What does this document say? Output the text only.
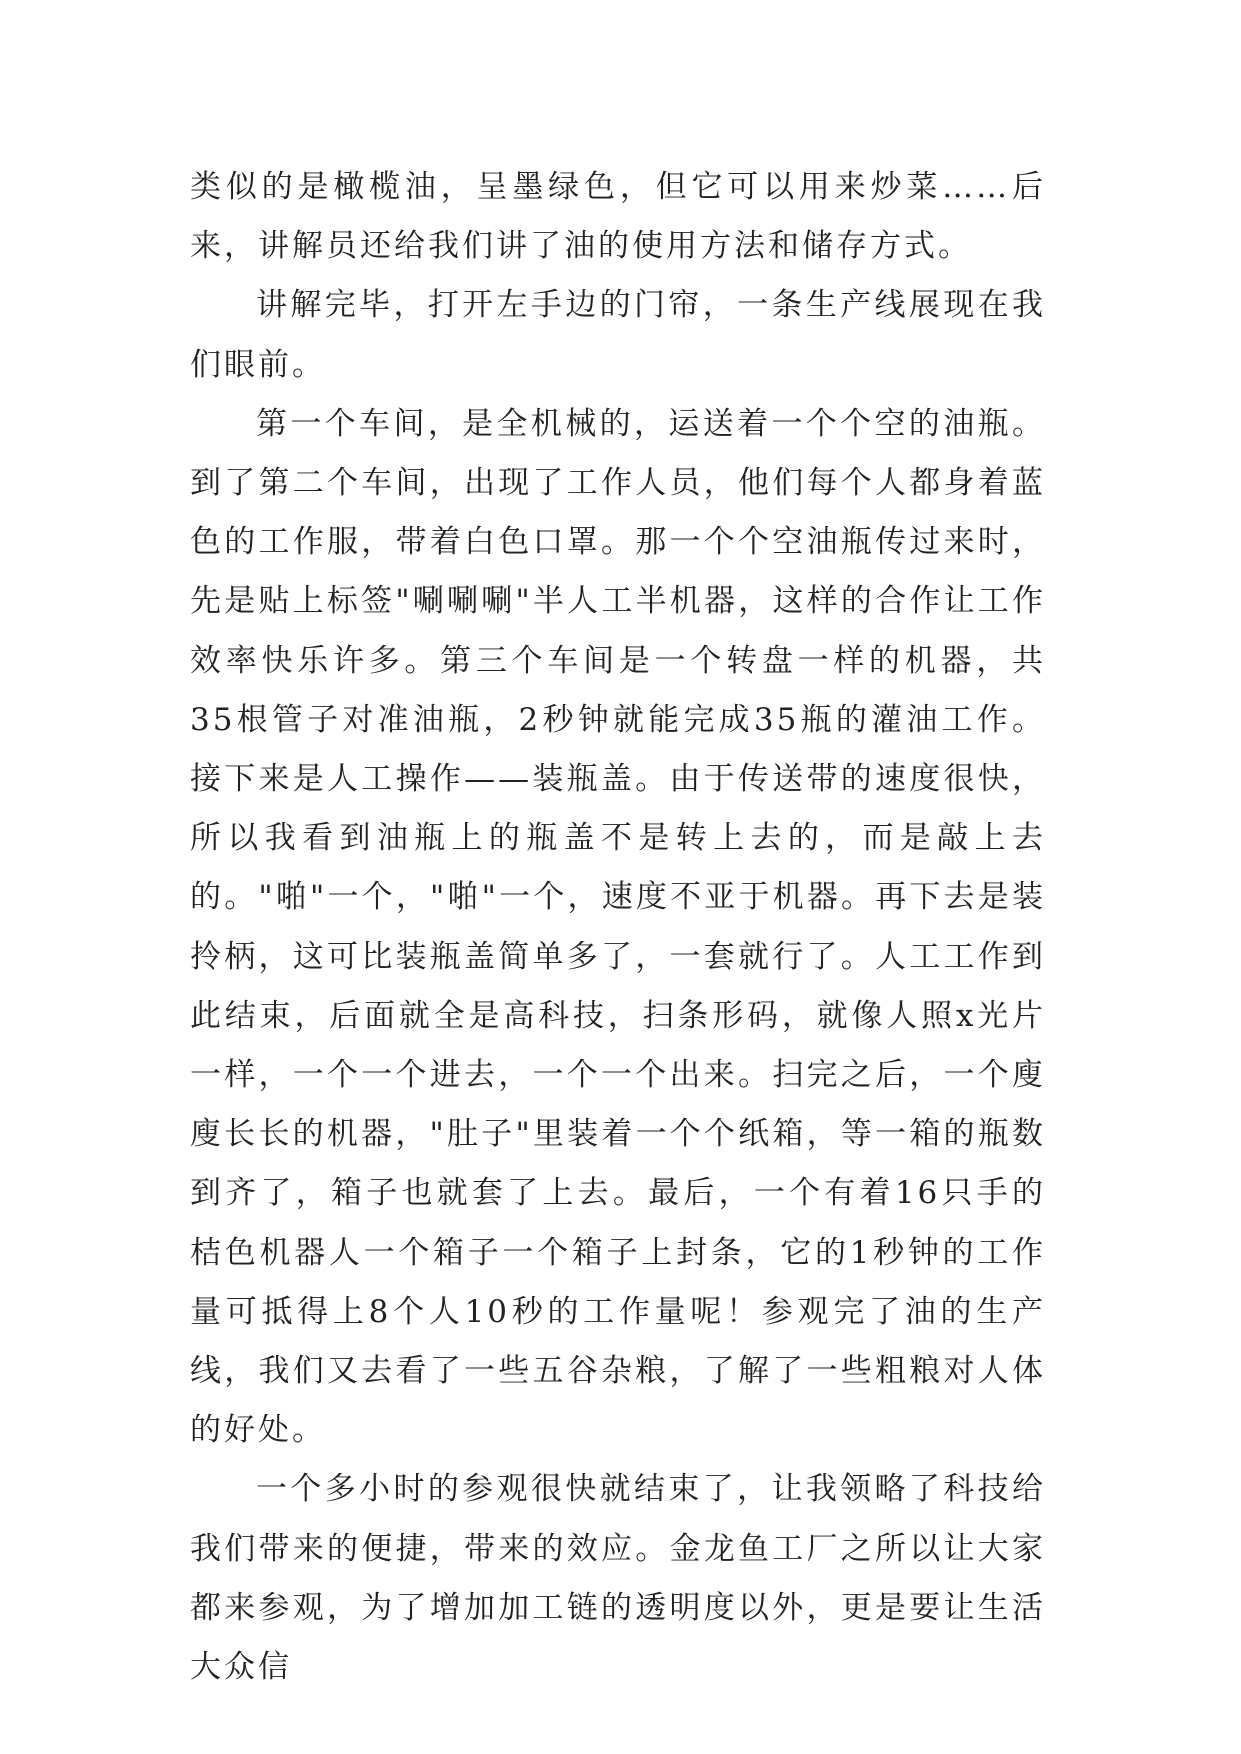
类似的是橄榄油，呈墨绿色，但它可以用来炒菜……后来，讲解员还给我们讲了油的使用方法和储存方式。

讲解完毕，打开左手边的门帘，一条生产线展现在我们眼前。

第一个车间，是全机械的，运送着一个个空的油瓶。到了第二个车间，出现了工作人员，他们每个人都身着蓝色的工作服，带着白色口罩。那一个个空油瓶传过来时，先是贴上标签"唰唰唰"半人工半机器，这样的合作让工作效率快乐许多。第三个车间是一个转盘一样的机器，共35根管子对准油瓶，2秒钟就能完成35瓶的灌油工作。接下来是人工操作——装瓶盖。由于传送带的速度很快，所以我看到油瓶上的瓶盖不是转上去的，而是敲上去的。"啪"一个，"啪"一个，速度不亚于机器。再下去是装拎柄，这可比装瓶盖简单多了，一套就行了。人工工作到此结束，后面就全是高科技，扫条形码，就像人照x光片一样，一个一个进去，一个一个出来。扫完之后，一个廋廋长长的机器，"肚子"里装着一个个纸箱，等一箱的瓶数到齐了，箱子也就套了上去。最后，一个有着16只手的桔色机器人一个箱子一个箱子上封条，它的1秒钟的工作量可抵得上8个人10秒的工作量呢！参观完了油的生产线，我们又去看了一些五谷杂粮，了解了一些粗粮对人体的好处。

一个多小时的参观很快就结束了，让我领略了科技给我们带来的便捷，带来的效应。金龙鱼工厂之所以让大家都来参观，为了增加加工链的透明度以外，更是要让生活大众信
